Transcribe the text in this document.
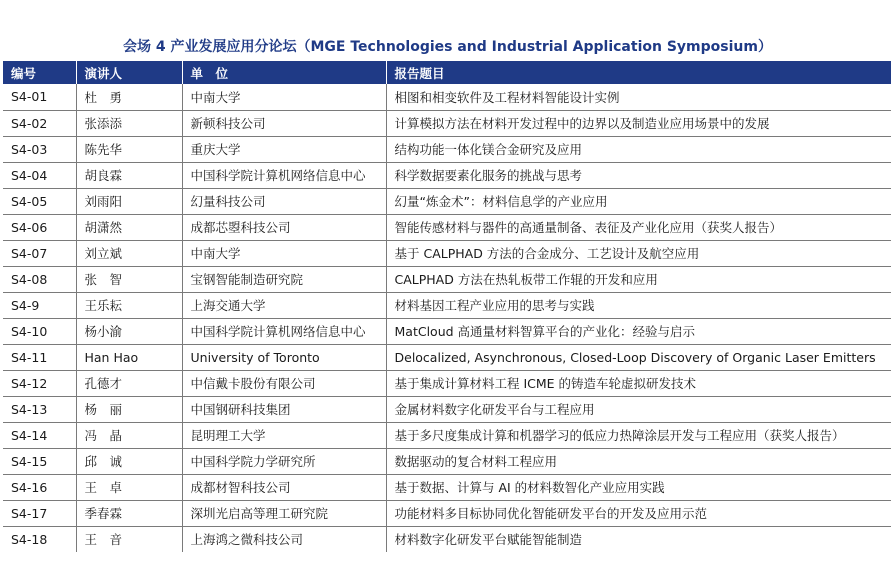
会场 4 产业发展应用分论坛（MGE Technologies and Industrial Application Symposium）
编号	演讲人	单　位	报告题目
S4-01	杜　勇	中南大学	相图和相变软件及工程材料智能设计实例
S4-02	张添添	新顿科技公司	计算模拟方法在材料开发过程中的边界以及制造业应用场景中的发展
S4-03	陈先华	重庆大学	结构功能一体化镁合金研究及应用
S4-04	胡良霖	中国科学院计算机网络信息中心	科学数据要素化服务的挑战与思考
S4-05	刘雨阳	幻量科技公司	幻量“炼金术”：材料信息学的产业应用
S4-06	胡潇然	成都芯曌科技公司	智能传感材料与器件的高通量制备、表征及产业化应用（获奖人报告）
S4-07	刘立斌	中南大学	基于 CALPHAD 方法的合金成分、工艺设计及航空应用
S4-08	张　智	宝钢智能制造研究院	CALPHAD 方法在热轧板带工作辊的开发和应用
S4-9	王乐耘	上海交通大学	材料基因工程产业应用的思考与实践
S4-10	杨小渝	中国科学院计算机网络信息中心	MatCloud 高通量材料智算平台的产业化：经验与启示
S4-11	Han Hao	University of Toronto	Delocalized, Asynchronous, Closed-Loop Discovery of Organic Laser Emitters
S4-12	孔德才	中信戴卡股份有限公司	基于集成计算材料工程 ICME 的铸造车轮虚拟研发技术
S4-13	杨　丽	中国钢研科技集团	金属材料数字化研发平台与工程应用
S4-14	冯　晶	昆明理工大学	基于多尺度集成计算和机器学习的低应力热障涂层开发与工程应用（获奖人报告）
S4-15	邱　诚	中国科学院力学研究所	数据驱动的复合材料工程应用
S4-16	王　卓	成都材智科技公司	基于数据、计算与 AI 的材料数智化产业应用实践
S4-17	季春霖	深圳光启高等理工研究院	功能材料多目标协同优化智能研发平台的开发及应用示范
S4-18	王　音	上海鸿之微科技公司	材料数字化研发平台赋能智能制造
